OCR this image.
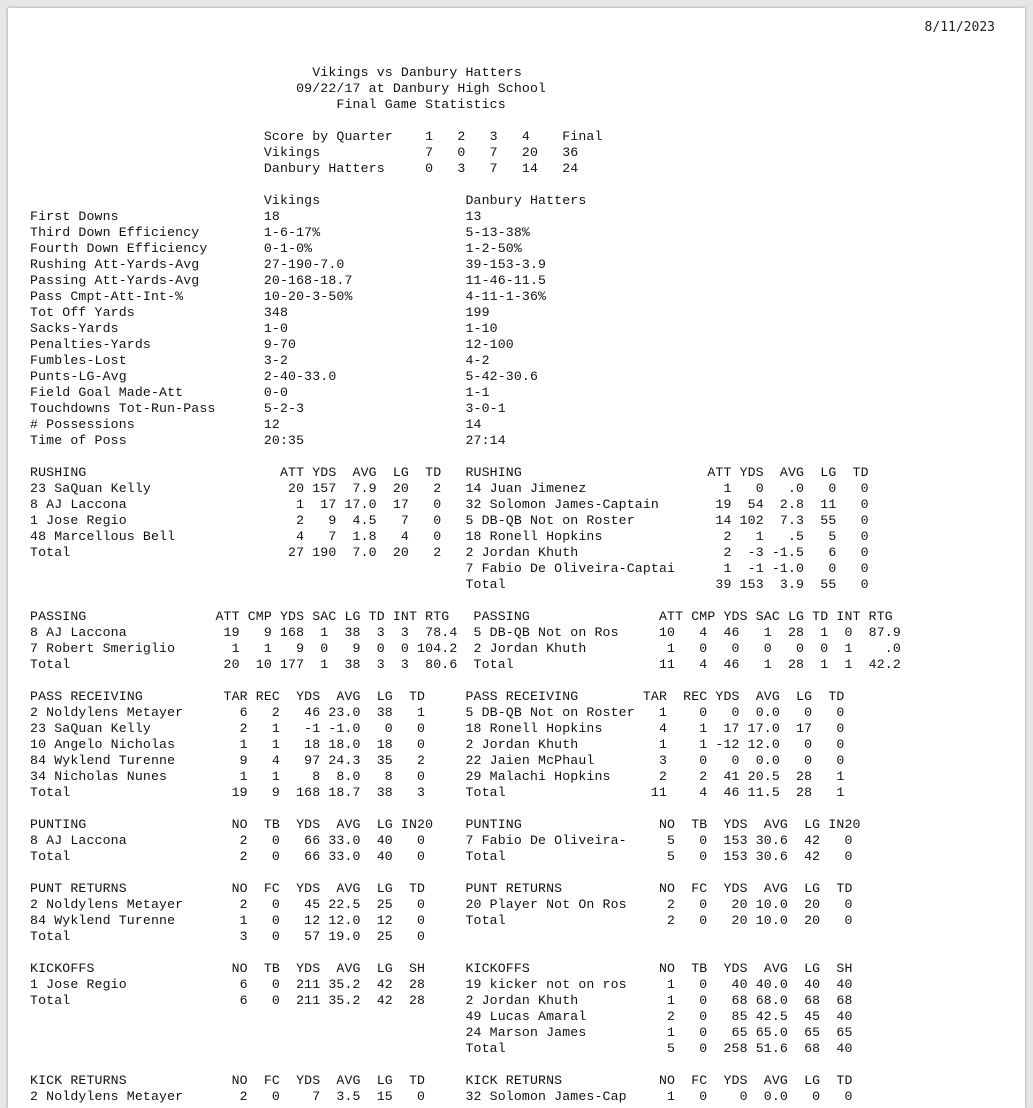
8/11/2023
Vikings vs Danbury Hatters
09/22/17 at Danbury High School
Final Game Statistics

Score by Quarter    1   2   3   4    Final
Vikings             7   0   7   20   36
Danbury Hatters     0   3   7   14   24

Vikings                  Danbury Hatters
First Downs                  18                       13
Third Down Efficiency        1-6-17%                  5-13-38%
Fourth Down Efficiency       0-1-0%                   1-2-50%
Rushing Att-Yards-Avg        27-190-7.0               39-153-3.9
Passing Att-Yards-Avg        20-168-18.7              11-46-11.5
Pass Cmpt-Att-Int-%          10-20-3-50%              4-11-1-36%
Tot Off Yards                348                      199
Sacks-Yards                  1-0                      1-10
Penalties-Yards              9-70                     12-100
Fumbles-Lost                 3-2                      4-2
Punts-LG-Avg                 2-40-33.0                5-42-30.6
Field Goal Made-Att          0-0                      1-1
Touchdowns Tot-Run-Pass      5-2-3                    3-0-1
# Possessions                12                       14
Time of Poss                 20:35                    27:14

RUSHING                        ATT YDS  AVG  LG  TD   RUSHING                       ATT YDS  AVG  LG  TD
23 SaQuan Kelly                 20 157  7.9  20   2   14 Juan Jimenez                 1   0   .0   0   0
8 AJ Laccona                     1  17 17.0  17   0   32 Solomon James-Captain       19  54  2.8  11   0
1 Jose Regio                     2   9  4.5   7   0   5 DB-QB Not on Roster          14 102  7.3  55   0
48 Marcellous Bell               4   7  1.8   4   0   18 Ronell Hopkins               2   1   .5   5   0
Total                           27 190  7.0  20   2   2 Jordan Khuth                  2  -3 -1.5   6   0
7 Fabio De Oliveira-Captai      1  -1 -1.0   0   0
Total                          39 153  3.9  55   0

PASSING                ATT CMP YDS SAC LG TD INT RTG   PASSING                ATT CMP YDS SAC LG TD INT RTG
8 AJ Laccona            19   9 168  1  38  3  3  78.4  5 DB-QB Not on Ros     10   4  46   1  28  1  0  87.9
7 Robert Smeriglio       1   1   9  0   9  0  0 104.2  2 Jordan Khuth          1   0   0   0   0  0  1    .0
Total                   20  10 177  1  38  3  3  80.6  Total                  11   4  46   1  28  1  1  42.2

PASS RECEIVING          TAR REC  YDS  AVG  LG  TD     PASS RECEIVING        TAR  REC YDS  AVG  LG  TD
2 Noldylens Metayer       6   2   46 23.0  38   1     5 DB-QB Not on Roster   1    0   0  0.0   0   0
23 SaQuan Kelly           2   1   -1 -1.0   0   0     18 Ronell Hopkins       4    1  17 17.0  17   0
10 Angelo Nicholas        1   1   18 18.0  18   0     2 Jordan Khuth          1    1 -12 12.0   0   0
84 Wyklend Turenne        9   4   97 24.3  35   2     22 Jaien McPhaul        3    0   0  0.0   0   0
34 Nicholas Nunes         1   1    8  8.0   8   0     29 Malachi Hopkins      2    2  41 20.5  28   1
Total                    19   9  168 18.7  38   3     Total                  11    4  46 11.5  28   1

PUNTING                  NO  TB  YDS  AVG  LG IN20    PUNTING                 NO  TB  YDS  AVG  LG IN20
8 AJ Laccona              2   0   66 33.0  40   0     7 Fabio De Oliveira-     5   0  153 30.6  42   0
Total                     2   0   66 33.0  40   0     Total                    5   0  153 30.6  42   0

PUNT RETURNS             NO  FC  YDS  AVG  LG  TD     PUNT RETURNS            NO  FC  YDS  AVG  LG  TD
2 Noldylens Metayer       2   0   45 22.5  25   0     20 Player Not On Ros     2   0   20 10.0  20   0
84 Wyklend Turenne        1   0   12 12.0  12   0     Total                    2   0   20 10.0  20   0
Total                     3   0   57 19.0  25   0

KICKOFFS                 NO  TB  YDS  AVG  LG  SH     KICKOFFS                NO  TB  YDS  AVG  LG  SH
1 Jose Regio              6   0  211 35.2  42  28     19 kicker not on ros     1   0   40 40.0  40  40
Total                     6   0  211 35.2  42  28     2 Jordan Khuth           1   0   68 68.0  68  68
49 Lucas Amaral          2   0   85 42.5  45  40
24 Marson James          1   0   65 65.0  65  65
Total                    5   0  258 51.6  68  40

KICK RETURNS             NO  FC  YDS  AVG  LG  TD     KICK RETURNS            NO  FC  YDS  AVG  LG  TD
2 Noldylens Metayer       2   0    7  3.5  15   0     32 Solomon James-Cap     1   0    0  0.0   0   0
